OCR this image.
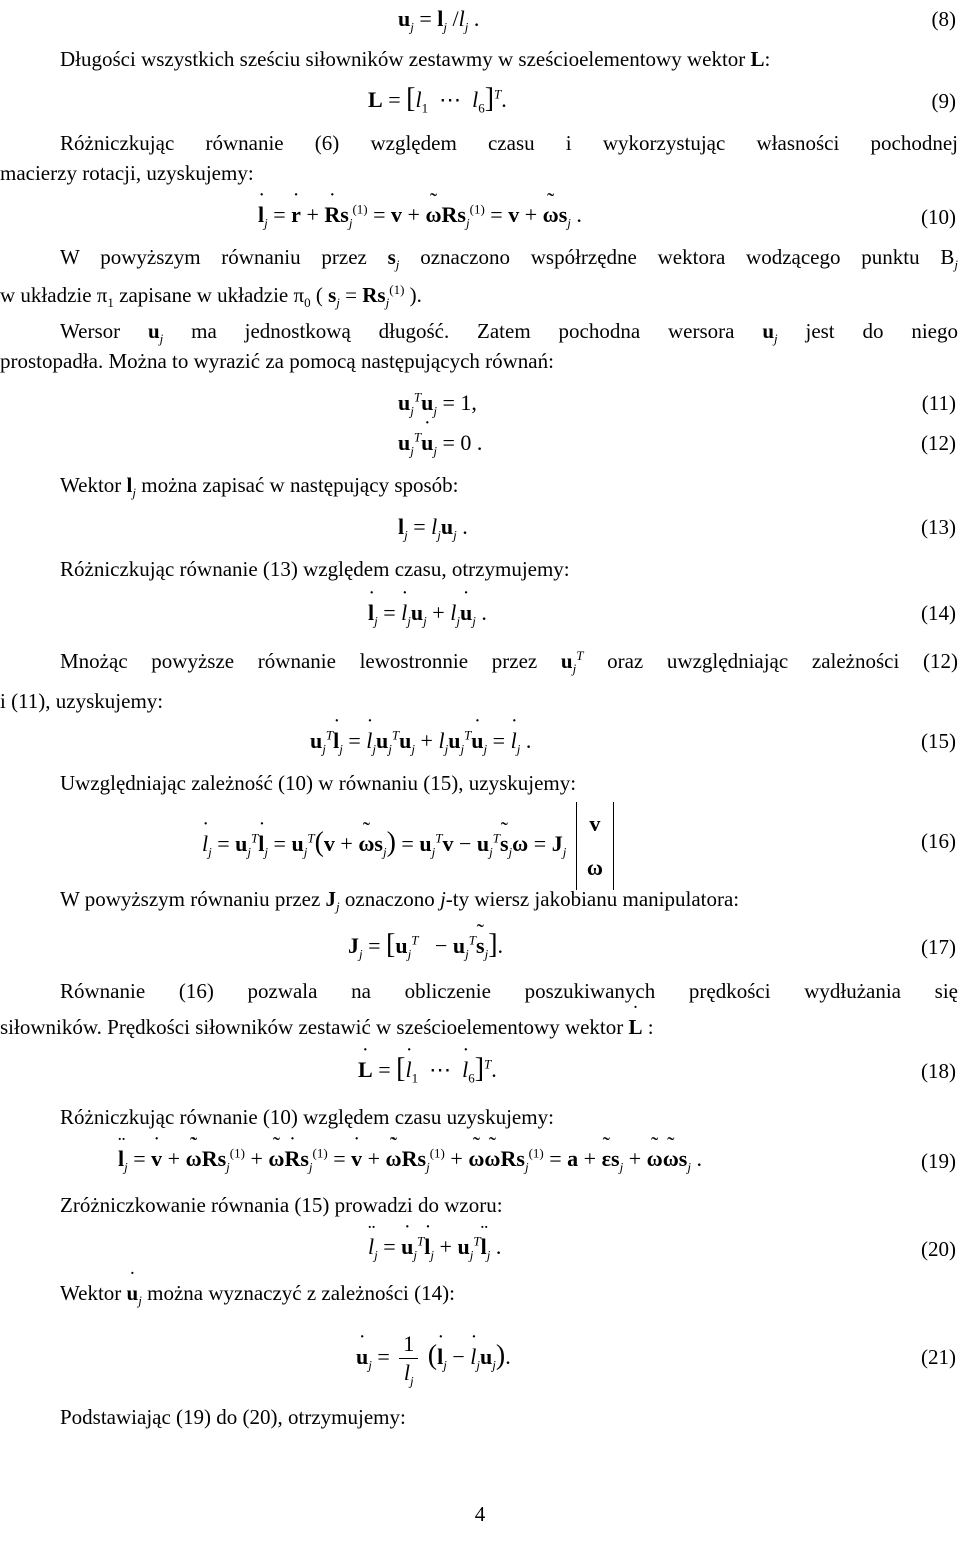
$u_j = l_j$ $/l_j$ .	(8)
Długości wszystkich sześciu siłowników zestawmy w sześcioelementowy wektor L:
$L = [l_1$  ⋯  $l_6]^T$.	(9)
Różniczkując równanie (6) względem czasu i wykorzystując własności pochodnej
macierzy rotacji, uzyskujemy:
˙ $l_j$ = ˙ r + ˙ $Rs_j^{(1)} = v$ + ˜ ωRs$_j^{(1)}$ = v + ˜ $\omega s_j$ .	(10)
W powyższym równaniu przez $s_j$ oznaczono współrzędne wektora wodzącego punktu $B_j$
w układzie $\pi_1$ zapisane w układzie $\pi_0$ ( $s_j = Rs_j^{(1)}$ ).
Wersor $u_j$ ma jednostkową długość. Zatem pochodna wersora $u_j$ jest do niego
prostopadła. Można to wyrazić za pomocą następujących równań:
$u_j^Tu_j = 1$,	(11)
$u_j^T˙$ $u_j = 0$ .	(12)
Wektor $l_j$ można zapisać w następujący sposób:
$l_j = l_ju_j$ .	(13)
Różniczkując równanie (13) względem czasu, otrzymujemy:
˙ $l_j$ = ˙ $l_ju_j$ + $l_j˙$ $u_j$ .	(14)
Mnożąc powyższe równanie lewostronnie przez $u_j^T$ oraz uwzględniając zależności (12)
i (11), uzyskujemy:
$u_j^T˙$ $l_j$ = ˙ $l_ju_j^Tu_j$ + $l_ju_j^T˙$ $u_j$ = ˙ $l_j$ .	(15)
Uwzględniając zależność (10) w równaniu (15), uzyskujemy:
˙ $l_j$ = $u_j^T˙$ $l_j = u_j^T(v$ + ˜ $\omega s_j) = u_j^Tv$ − $u_j^T˜$ $s_j\omega = J_j$ v
ω
(16)
W powyższym równaniu przez $J_j$ oznaczono j-ty wiersz jakobianu manipulatora:
$J_j = [u_j^T$   − $u_j^T˜$ $s_j$].	(17)
Równanie (16) pozwala na obliczenie poszukiwanych prędkości wydłużania się
siłowników. Prędkości siłowników zestawić w sześcioelementowy wektor ˙ L :
˙ L = [˙ $l_1$  ⋯  ˙ $l_6]^T$.	(18)
Różniczkując równanie (10) względem czasu uzyskujemy:
¨ $l_j$ = ˙ v + ˙ ˜ ωRs$_j^{(1)}$ + ˜ ω˙ $Rs_j^{(1)}$ = ˙ v + ˙ ˜ ωRs$_j^{(1)}$ + ˜ ω˜ ωRs$_j^{(1)}$ = a + ˜ $\varepsilon s_j$ + ˜ ω˜ $\omega s_j$ .	(19)
Zróżniczkowanie równania (15) prowadzi do wzoru:
¨ $l_j$ = ˙ $u_j^T˙$ $l_j$ + $u_j^T¨$ $l_j$ .	(20)
Wektor ˙ $u_j$ można wyznaczyć z zależności (14):
˙ $u_j = \frac{1}{l_j}$ (˙ $l_j$ − ˙ $l_ju_j$).	(21)
Podstawiając (19) do (20), otrzymujemy:
4
